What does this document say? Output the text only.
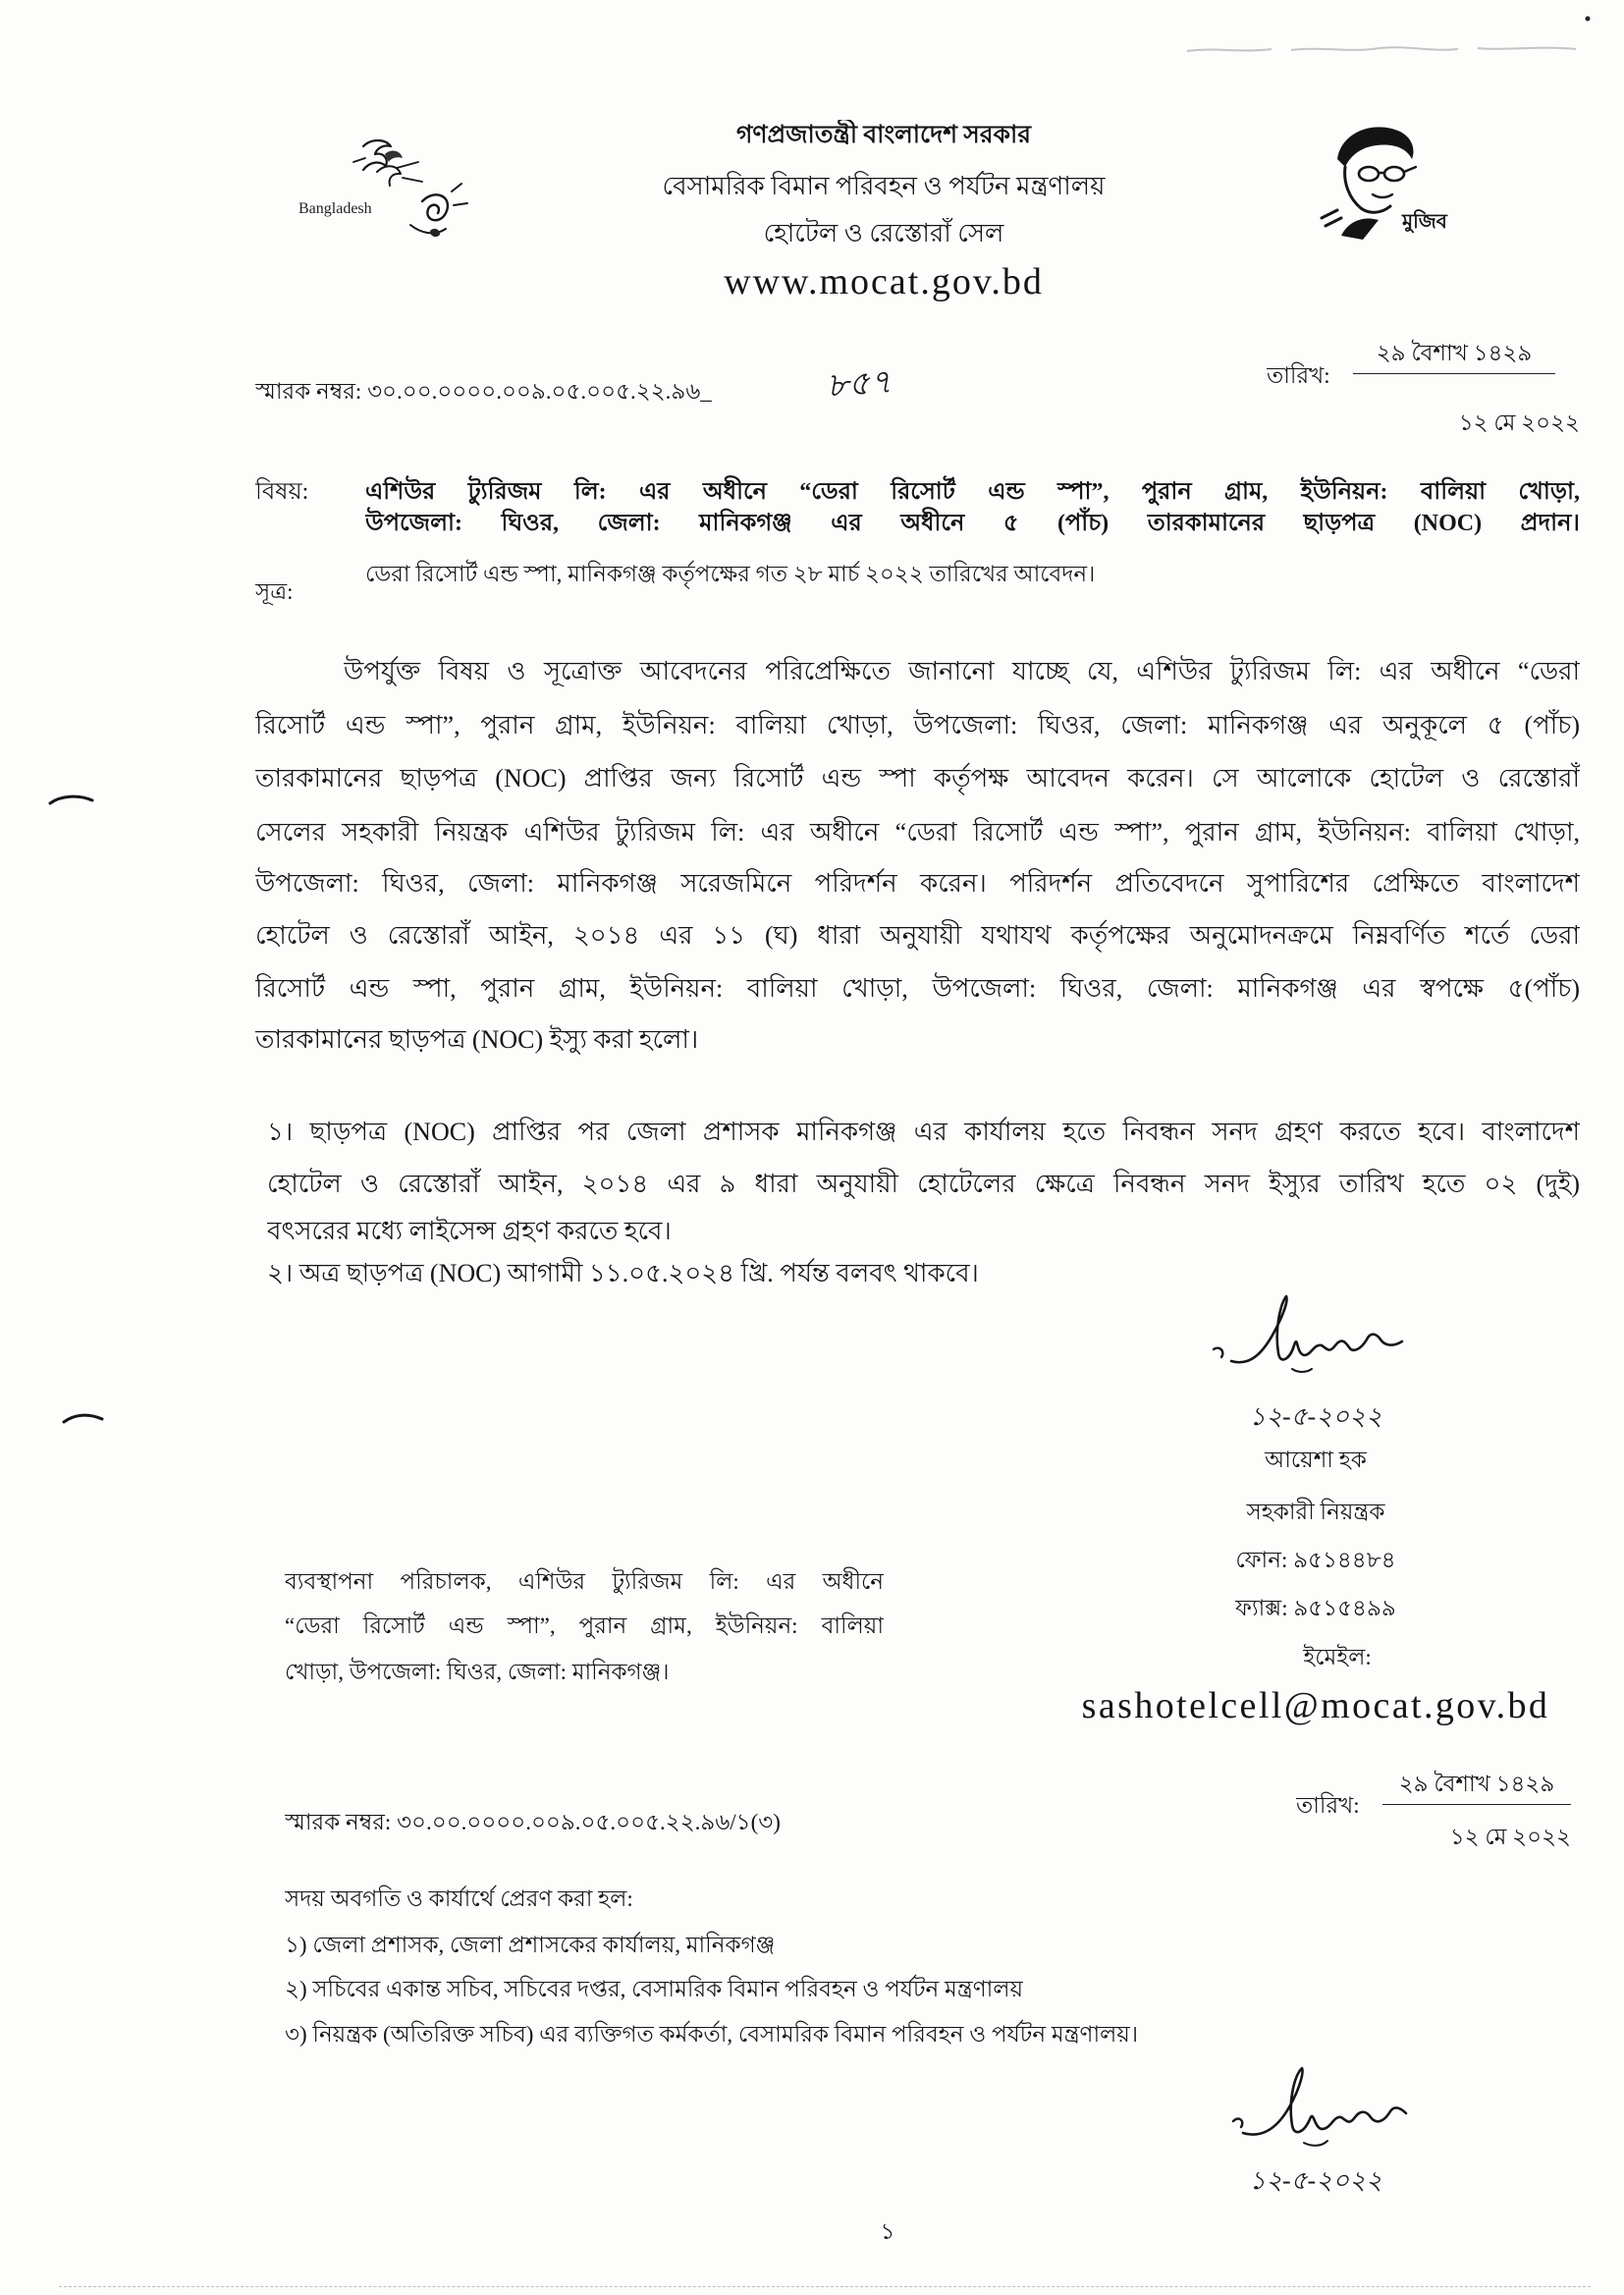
Bangladesh
গণপ্রজাতন্ত্রী বাংলাদেশ সরকার
বেসামরিক বিমান পরিবহন ও পর্যটন মন্ত্রণালয়
হোটেল ও রেস্তোরাঁ সেল
www.mocat.gov.bd
মুজিব
স্মারক নম্বর: ৩০.০০.০০০০.০০৯.০৫.০০৫.২২.৯৬_	৮৫৭	তারিখ:
২৯ বৈশাখ ১৪২৯
১২ মে ২০২২
বিষয়: এশিউর ট্যুরিজম লি: এর অধীনে “ডেরা রিসোর্ট এন্ড স্পা”, পুরান গ্রাম, ইউনিয়ন: বালিয়া খোড়া,
উপজেলা: ঘিওর, জেলা: মানিকগঞ্জ এর অধীনে ৫ (পাঁচ) তারকামানের ছাড়পত্র (NOC) প্রদান।
সূত্র:
ডেরা রিসোর্ট এন্ড স্পা, মানিকগঞ্জ কর্তৃপক্ষের গত ২৮ মার্চ ২০২২ তারিখের আবেদন।
উপর্যুক্ত বিষয় ও সূত্রোক্ত আবেদনের পরিপ্রেক্ষিতে জানানো যাচ্ছে যে, এশিউর ট্যুরিজম লি: এর অধীনে “ডেরা
রিসোর্ট এন্ড স্পা”, পুরান গ্রাম, ইউনিয়ন: বালিয়া খোড়া, উপজেলা: ঘিওর, জেলা: মানিকগঞ্জ এর অনুকূলে ৫ (পাঁচ)
তারকামানের ছাড়পত্র (NOC) প্রাপ্তির জন্য রিসোর্ট এন্ড স্পা কর্তৃপক্ষ আবেদন করেন। সে আলোকে হোটেল ও রেস্তোরাঁ
সেলের সহকারী নিয়ন্ত্রক এশিউর ট্যুরিজম লি: এর অধীনে “ডেরা রিসোর্ট এন্ড স্পা”, পুরান গ্রাম, ইউনিয়ন: বালিয়া খোড়া,
উপজেলা: ঘিওর, জেলা: মানিকগঞ্জ সরেজমিনে পরিদর্শন করেন। পরিদর্শন প্রতিবেদনে সুপারিশের প্রেক্ষিতে বাংলাদেশ
হোটেল ও রেস্তোরাঁ আইন, ২০১৪ এর ১১ (ঘ) ধারা অনুযায়ী যথাযথ কর্তৃপক্ষের অনুমোদনক্রমে নিম্নবর্ণিত শর্তে ডেরা
রিসোর্ট এন্ড স্পা, পুরান গ্রাম, ইউনিয়ন: বালিয়া খোড়া, উপজেলা: ঘিওর, জেলা: মানিকগঞ্জ এর স্বপক্ষে ৫(পাঁচ)
তারকামানের ছাড়পত্র (NOC) ইস্যু করা হলো।
১। ছাড়পত্র (NOC) প্রাপ্তির পর জেলা প্রশাসক মানিকগঞ্জ এর কার্যালয় হতে নিবন্ধন সনদ গ্রহণ করতে হবে। বাংলাদেশ
হোটেল ও রেস্তোরাঁ আইন, ২০১৪ এর ৯ ধারা অনুযায়ী হোটেলের ক্ষেত্রে নিবন্ধন সনদ ইস্যুর তারিখ হতে ০২ (দুই)
বৎসরের মধ্যে লাইসেন্স গ্রহণ করতে হবে।
২। অত্র ছাড়পত্র (NOC) আগামী ১১.০৫.২০২৪ খ্রি. পর্যন্ত বলবৎ থাকবে।
১২-৫-২০২২
আয়েশা হক
সহকারী নিয়ন্ত্রক
ফোন: ৯৫১৪৪৮৪
ফ্যাক্স: ৯৫১৫৪৯৯
ইমেইল:
sashotelcell@mocat.gov.bd
ব্যবস্থাপনা পরিচালক, এশিউর ট্যুরিজম লি: এর অধীনে
“ডেরা রিসোর্ট এন্ড স্পা”, পুরান গ্রাম, ইউনিয়ন: বালিয়া
খোড়া, উপজেলা: ঘিওর, জেলা: মানিকগঞ্জ।
স্মারক নম্বর: ৩০.০০.০০০০.০০৯.০৫.০০৫.২২.৯৬/১(৩)
তারিখ:
২৯ বৈশাখ ১৪২৯
১২ মে ২০২২
সদয় অবগতি ও কার্যার্থে প্রেরণ করা হল:
১) জেলা প্রশাসক, জেলা প্রশাসকের কার্যালয়, মানিকগঞ্জ
২) সচিবের একান্ত সচিব, সচিবের দপ্তর, বেসামরিক বিমান পরিবহন ও পর্যটন মন্ত্রণালয়
৩) নিয়ন্ত্রক (অতিরিক্ত সচিব) এর ব্যক্তিগত কর্মকর্তা, বেসামরিক বিমান পরিবহন ও পর্যটন মন্ত্রণালয়।
১২-৫-২০২২
১
